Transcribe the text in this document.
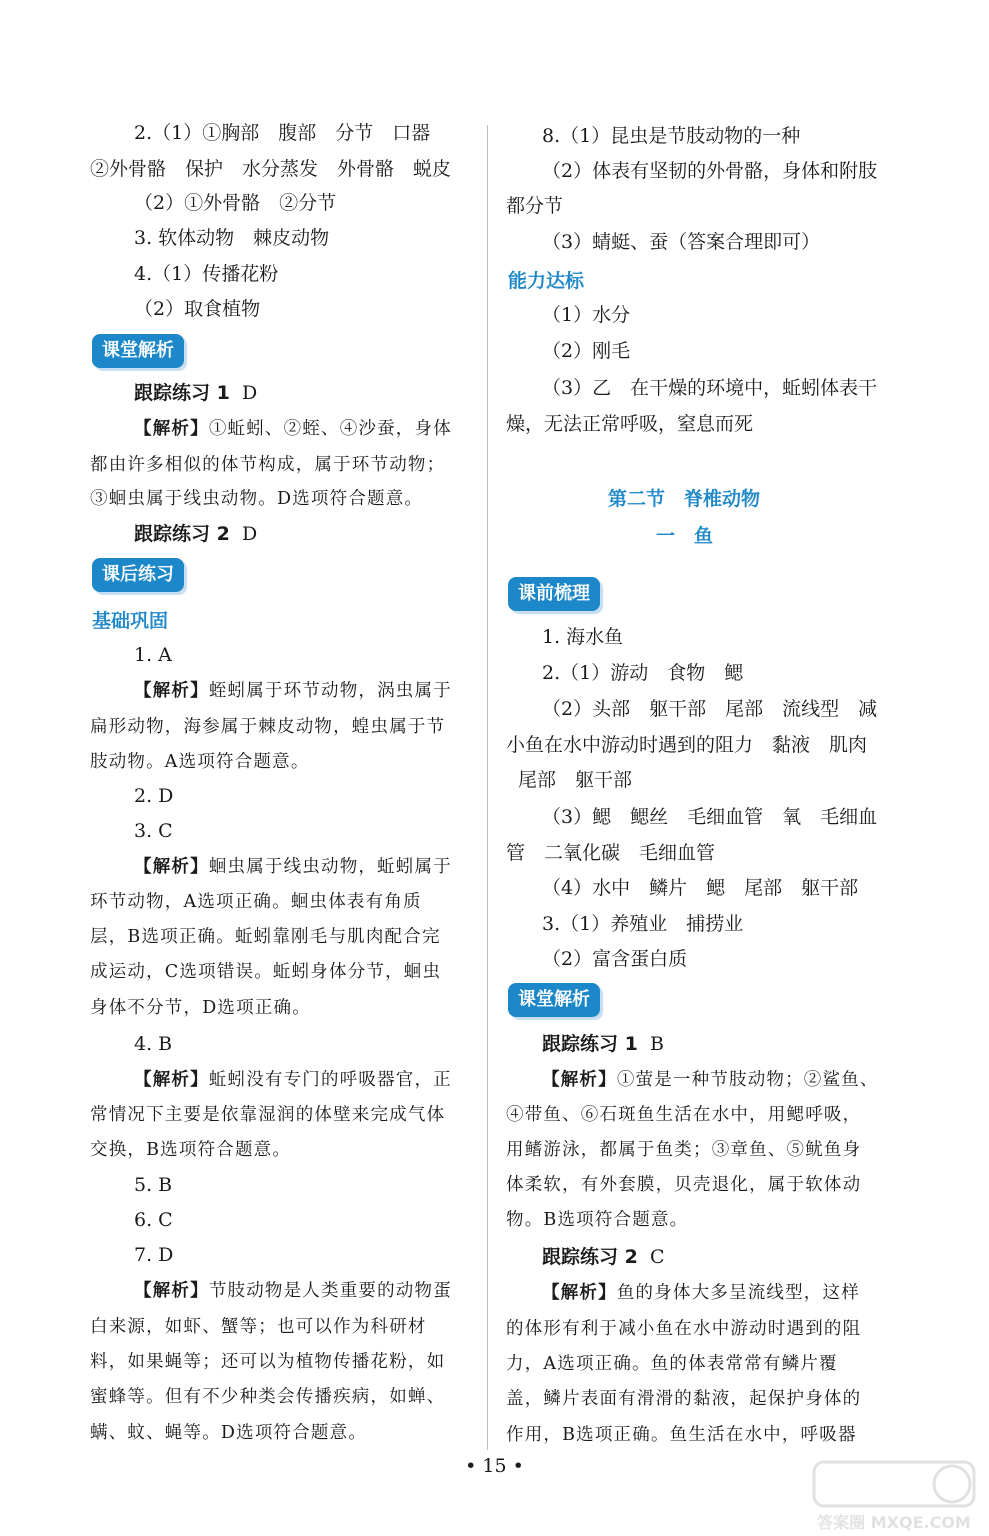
2.（1）①胸部　腹部　分节　口器
②外骨骼　保护　水分蒸发　外骨骼　蜕皮
（2）①外骨骼　②分节
3. 软体动物　棘皮动物
4.（1）传播花粉
（2）取食植物
课堂解析
跟踪练习 1 D
【解析】①蚯蚓、②蛭、④沙蚕，身体
都由许多相似的体节构成，属于环节动物；
③蛔虫属于线虫动物。D选项符合题意。
跟踪练习 2 D
课后练习
基础巩固
1. A
【解析】蛭蚓属于环节动物，涡虫属于
扁形动物，海参属于棘皮动物，蝗虫属于节
肢动物。A选项符合题意。
2. D
3. C
【解析】蛔虫属于线虫动物，蚯蚓属于
环节动物，A选项正确。蛔虫体表有角质
层，B选项正确。蚯蚓靠刚毛与肌肉配合完
成运动，C选项错误。蚯蚓身体分节，蛔虫
身体不分节，D选项正确。
4. B
【解析】蚯蚓没有专门的呼吸器官，正
常情况下主要是依靠湿润的体壁来完成气体
交换，B选项符合题意。
5. B
6. C
7. D
【解析】节肢动物是人类重要的动物蛋
白来源，如虾、蟹等；也可以作为科研材
料，如果蝇等；还可以为植物传播花粉，如
蜜蜂等。但有不少种类会传播疾病，如蝉、
螨、蚊、蝇等。D选项符合题意。
8.（1）昆虫是节肢动物的一种
（2）体表有坚韧的外骨骼，身体和附肢
都分节
（3）蜻蜓、蚕（答案合理即可）
能力达标
（1）水分
（2）刚毛
（3）乙　在干燥的环境中，蚯蚓体表干
燥，无法正常呼吸，窒息而死
第二节　脊椎动物
一　鱼
课前梳理
1. 海水鱼
2.（1）游动　食物　鳃
（2）头部　躯干部　尾部　流线型　减
小鱼在水中游动时遇到的阻力　黏液　肌肉
尾部　躯干部
（3）鳃　鳃丝　毛细血管　氧　毛细血
管　二氧化碳　毛细血管
（4）水中　鳞片　鳃　尾部　躯干部
3.（1）养殖业　捕捞业
（2）富含蛋白质
课堂解析
跟踪练习 1 B
【解析】①萤是一种节肢动物；②鲨鱼、
④带鱼、⑥石斑鱼生活在水中，用鳃呼吸，
用鳍游泳，都属于鱼类；③章鱼、⑤鱿鱼身
体柔软，有外套膜，贝壳退化，属于软体动
物。B选项符合题意。
跟踪练习 2 C
【解析】鱼的身体大多呈流线型，这样
的体形有利于减小鱼在水中游动时遇到的阻
力，A选项正确。鱼的体表常常有鳞片覆
盖，鳞片表面有滑滑的黏液，起保护身体的
作用，B选项正确。鱼生活在水中，呼吸器
• 15 •
答案圈 MXQE.COM
